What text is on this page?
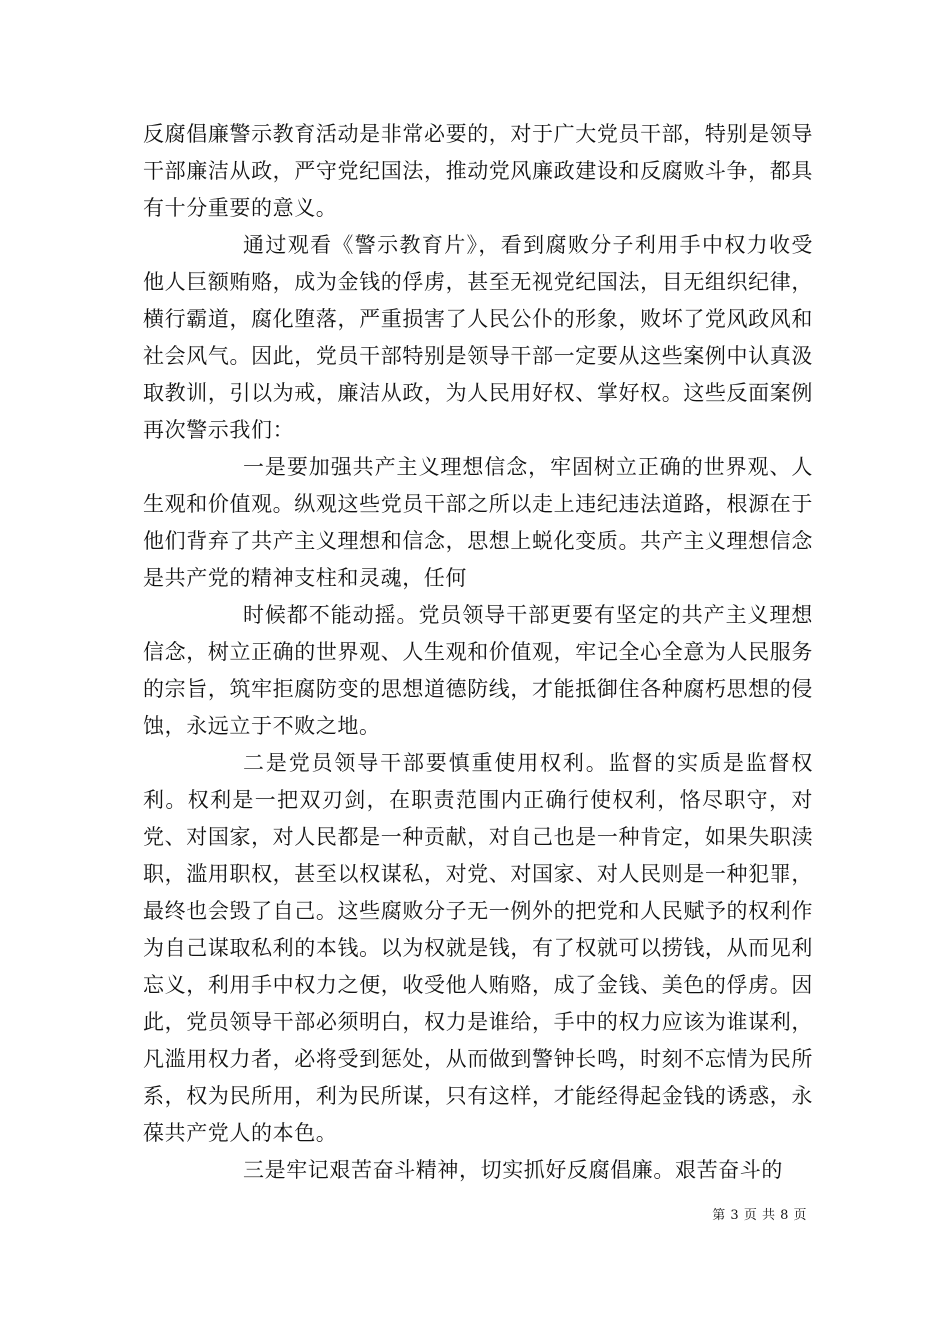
反腐倡廉警示教育活动是非常必要的，对于广大党员干部，特别是领导干部廉洁从政，严守党纪国法，推动党风廉政建设和反腐败斗争，都具有十分重要的意义。

通过观看《警示教育片》，看到腐败分子利用手中权力收受他人巨额贿赂，成为金钱的俘虏，甚至无视党纪国法，目无组织纪律，横行霸道，腐化堕落，严重损害了人民公仆的形象，败坏了党风政风和社会风气。因此，党员干部特别是领导干部一定要从这些案例中认真汲取教训，引以为戒，廉洁从政，为人民用好权、掌好权。这些反面案例再次警示我们：

一是要加强共产主义理想信念，牢固树立正确的世界观、人生观和价值观。纵观这些党员干部之所以走上违纪违法道路，根源在于他们背弃了共产主义理想和信念，思想上蜕化变质。共产主义理想信念是共产党的精神支柱和灵魂，任何

时候都不能动摇。党员领导干部更要有坚定的共产主义理想信念，树立正确的世界观、人生观和价值观，牢记全心全意为人民服务的宗旨，筑牢拒腐防变的思想道德防线，才能抵御住各种腐朽思想的侵蚀，永远立于不败之地。

二是党员领导干部要慎重使用权利。监督的实质是监督权利。权利是一把双刃剑，在职责范围内正确行使权利，恪尽职守，对党、对国家，对人民都是一种贡献，对自己也是一种肯定，如果失职渎职，滥用职权，甚至以权谋私，对党、对国家、对人民则是一种犯罪，最终也会毁了自己。这些腐败分子无一例外的把党和人民赋予的权利作为自己谋取私利的本钱。以为权就是钱，有了权就可以捞钱，从而见利忘义，利用手中权力之便，收受他人贿赂，成了金钱、美色的俘虏。因此，党员领导干部必须明白，权力是谁给，手中的权力应该为谁谋利，凡滥用权力者，必将受到惩处，从而做到警钟长鸣，时刻不忘情为民所系，权为民所用，利为民所谋，只有这样，才能经得起金钱的诱惑，永葆共产党人的本色。

三是牢记艰苦奋斗精神，切实抓好反腐倡廉。艰苦奋斗的

第 3 页 共 8 页
